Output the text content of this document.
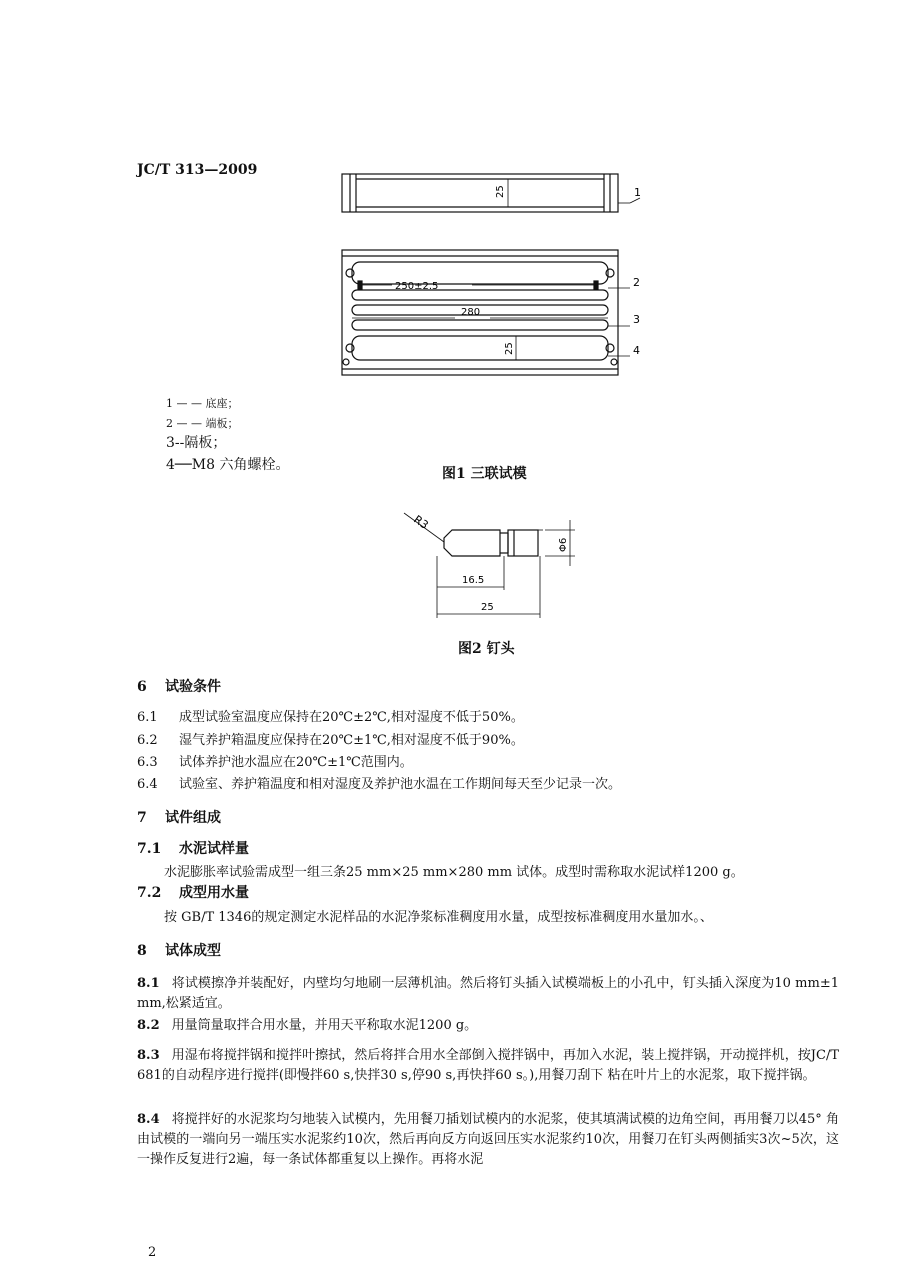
JC/T 313—2009
1
2
3
4
25
250±2.5
280
25
R3
16.5
25
Φ6
1 — — 底座；
2 — — 端板；
3--隔板；
4──M8 六角螺栓。
图1 三联试模
图2 钉头
6 试验条件
6.1 成型试验室温度应保持在20℃±2℃,相对湿度不低于50%。
6.2 湿气养护箱温度应保持在20℃±1℃,相对湿度不低于90%。
6.3 试体养护池水温应在20℃±1℃范围内。
6.4 试验室、养护箱温度和相对湿度及养护池水温在工作期间每天至少记录一次。
7 试件组成
7.1 水泥试样量
水泥膨胀率试验需成型一组三条25 mm×25 mm×280 mm 试体。成型时需称取水泥试样1200 g。
7.2 成型用水量
按 GB/T 1346的规定测定水泥样品的水泥净浆标准稠度用水量，成型按标准稠度用水量加水。、
8 试体成型
8.1 将试模擦净并装配好，内壁均匀地刷一层薄机油。然后将钉头插入试模端板上的小孔中，钉头插入深度为10 mm±1 mm,松紧适宜。
8.2 用量筒量取拌合用水量，并用天平称取水泥1200 g。
8.3 用湿布将搅拌锅和搅拌叶擦拭，然后将拌合用水全部倒入搅拌锅中，再加入水泥，装上搅拌锅，开动搅拌机，按JC/T 681的自动程序进行搅拌(即慢拌60 s,快拌30 s,停90 s,再快拌60 s。),用餐刀刮下 粘在叶片上的水泥浆，取下搅拌锅。
8.4 将搅拌好的水泥浆均匀地装入试模内，先用餐刀插划试模内的水泥浆，使其填满试模的边角空间，再用餐刀以45° 角由试模的一端向另一端压实水泥浆约10次，然后再向反方向返回压实水泥浆约10次，用餐刀在钉头两侧插实3次~5次，这一操作反复进行2遍，每一条试体都重复以上操作。再将水泥
2
